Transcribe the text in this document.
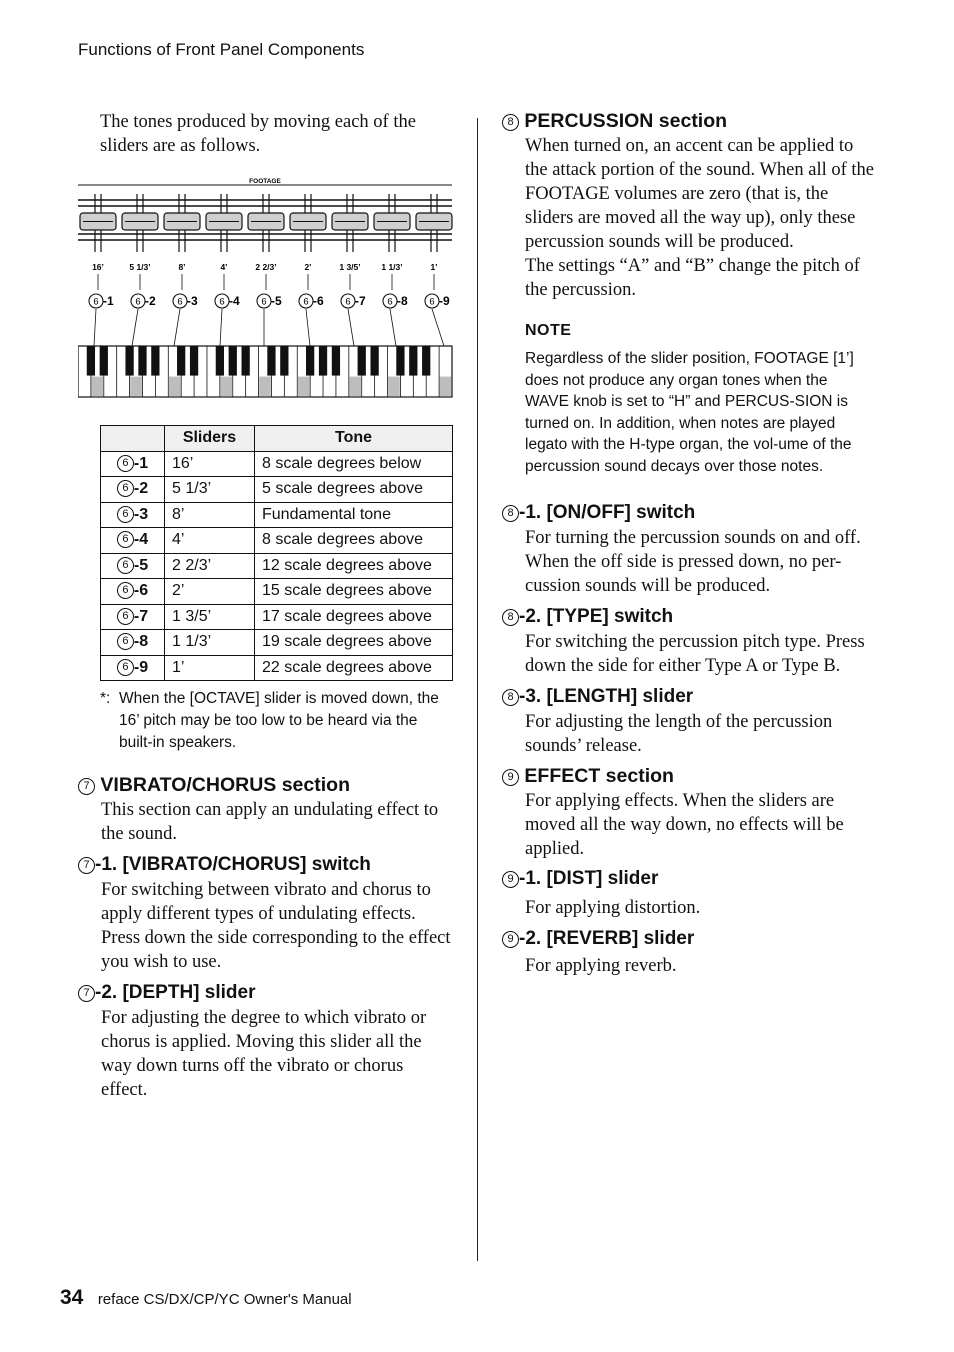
Functions of Front Panel Components

The tones produced by moving each of the sliders are as follows.

FOOTAGE
16’	5 1/3’	8’	4’	2 2/3’	2’	1 3/5’ 1 1/3’	1’
6 -1 6 -2 6 -3 6 -4 6 -5 6 -6 6 -7 6 -8 6 -9
	Sliders	Tone
6 -1	16’	8 scale degrees below
6 -2	5 1/3’	5 scale degrees above
6 -3	8’	Fundamental tone
6 -4	4’	8 scale degrees above
6 -5	2 2/3’	12 scale degrees above
6 -6	2’	15 scale degrees above
6 -7	1 3/5’	17 scale degrees above
6 -8	1 1/3’	19 scale degrees above
6 -9	1’	22 scale degrees above
*: When the [OCTAVE] slider is moved down, the 16’ pitch may be too low to be heard via the built-in speakers.

7 VIBRATO/CHORUS section

This section can apply an undulating effect to the sound.

7 -1. [VIBRATO/CHORUS] switch

For switching between vibrato and chorus to apply different types of undulating effects. Press down the side corresponding to the effect you wish to use.

7 -2. [DEPTH] slider

For adjusting the degree to which vibrato or chorus is applied. Moving this slider all the way down turns off the vibrato or chorus effect.

8 PERCUSSION section

When turned on, an accent can be applied to the attack portion of the sound. When all of the FOOTAGE volumes are zero (that is, the sliders are moved all the way up), only these percussion sounds will be produced.

The settings “A” and “B” change the pitch of the percussion.

NOTE

Regardless of the slider position, FOOTAGE [1’] does not produce any organ tones when the WAVE knob is set to “H” and PERCUS-SION is turned on. In addition, when notes are played legato with the H-type organ, the vol-ume of the percussion sound decays over those notes.

8 -1. [ON/OFF] switch

For turning the percussion sounds on and off. When the off side is pressed down, no per-cussion sounds will be produced.

8 -2. [TYPE] switch

For switching the percussion pitch type. Press down the side for either Type A or Type B.

8 -3. [LENGTH] slider

For adjusting the length of the percussion sounds’ release.

9 EFFECT section

For applying effects. When the sliders are moved all the way down, no effects will be applied.

9 -1. [DIST] slider

For applying distortion.

9 -2. [REVERB] slider

For applying reverb.

34 reface CS/DX/CP/YC Owner's Manual
